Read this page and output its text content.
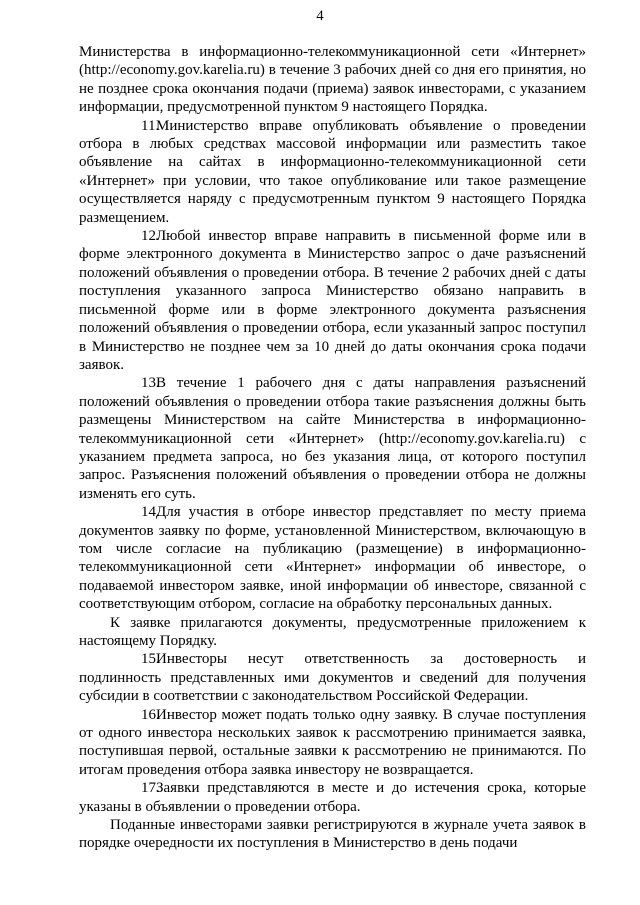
4

Министерства в информационно-телекоммуникационной сети «Интернет» (http://economy.gov.karelia.ru) в течение 3 рабочих дней со дня его принятия, но не позднее срока окончания подачи (приема) заявок инвесторами, с указанием информации, предусмотренной пунктом 9 настоящего Порядка.

11.Министерство вправе опубликовать объявление о проведении отбора в любых средствах массовой информации или разместить такое объявление на сайтах в информационно-телекоммуникационной сети «Интернет» при условии, что такое опубликование или такое размещение осуществляется наряду с предусмотренным пунктом 9 настоящего Порядка размещением.

12.Любой инвестор вправе направить в письменной форме или в форме электронного документа в Министерство запрос о даче разъяснений положений объявления о проведении отбора. В течение 2 рабочих дней с даты поступления указанного запроса Министерство обязано направить в письменной форме или в форме электронного документа разъяснения положений объявления о проведении отбора, если указанный запрос поступил в Министерство не позднее чем за 10 дней до даты окончания срока подачи заявок.

13.В течение 1 рабочего дня с даты направления разъяснений положений объявления о проведении отбора такие разъяснения должны быть размещены Министерством на сайте Министерства в информационно-телекоммуникационной сети «Интернет» (http://economy.gov.karelia.ru) с указанием предмета запроса, но без указания лица, от которого поступил запрос. Разъяснения положений объявления о проведении отбора не должны изменять его суть.

14.Для участия в отборе инвестор представляет по месту приема документов заявку по форме, установленной Министерством, включающую в том числе согласие на публикацию (размещение) в информационно-телекоммуникационной сети «Интернет» информации об инвесторе, о подаваемой инвестором заявке, иной информации об инвесторе, связанной с соответствующим отбором, согласие на обработку персональных данных.

К заявке прилагаются документы, предусмотренные приложением к настоящему Порядку.

15.Инвесторы несут ответственность за достоверность и подлинность представленных ими документов и сведений для получения субсидии в соответствии с законодательством Российской Федерации.

16.Инвестор может подать только одну заявку. В случае поступления от одного инвестора нескольких заявок к рассмотрению принимается заявка, поступившая первой, остальные заявки к рассмотрению не принимаются. По итогам проведения отбора заявка инвестору не возвращается.

17.Заявки представляются в месте и до истечения срока, которые указаны в объявлении о проведении отбора.

Поданные инвесторами заявки регистрируются в журнале учета заявок в порядке очередности их поступления в Министерство в день подачи
